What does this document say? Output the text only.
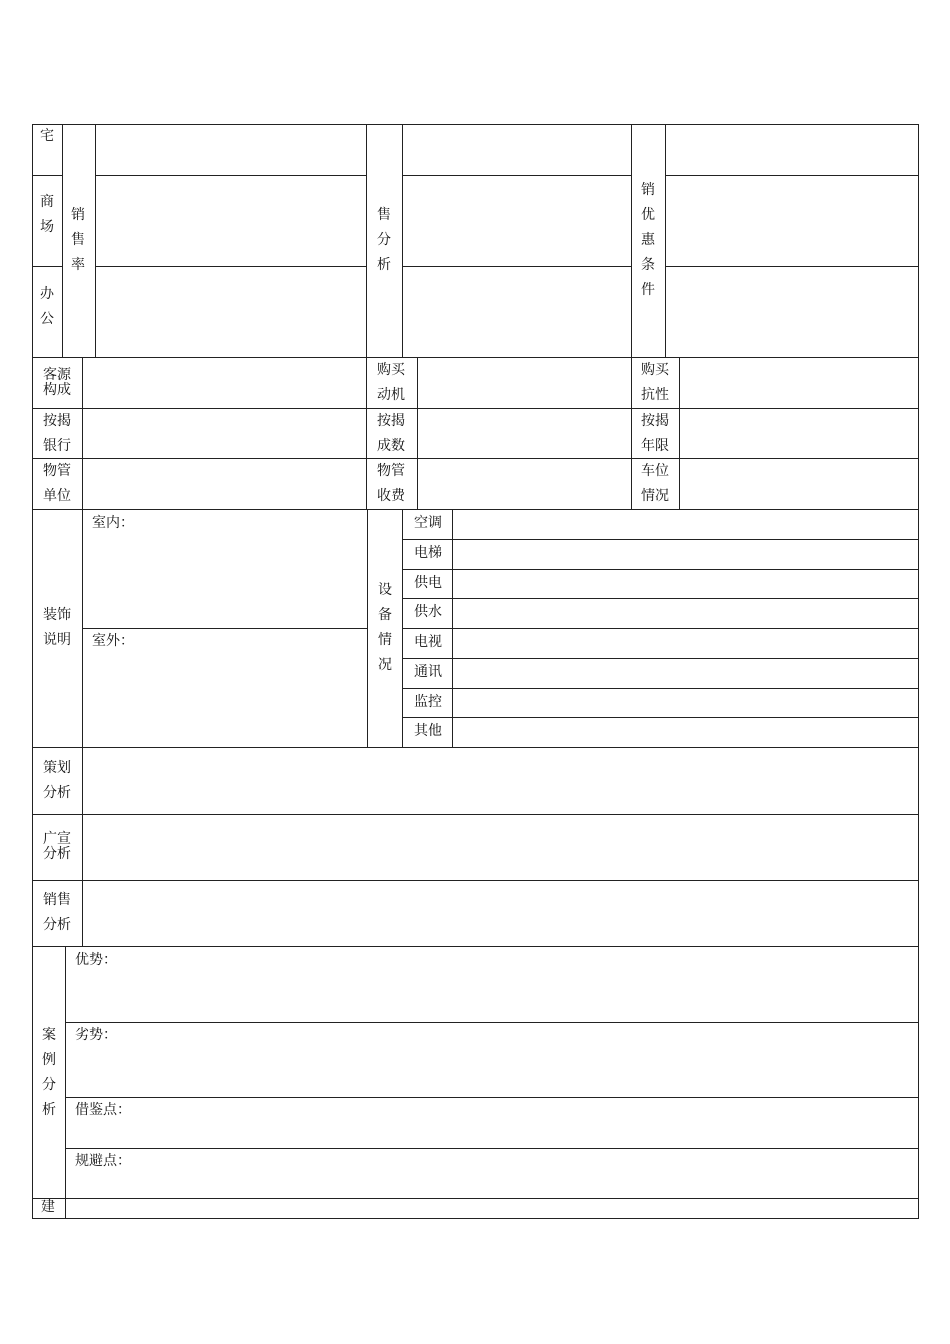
宅
商场
办公
销售率
售分析
销优惠条件
客源构成
购买动机
购买抗性
按揭银行
按揭成数
按揭年限
物管单位
物管收费
车位情况
装饰说明
室内：
室外：
设备情况
空调
电梯
供电
供水
电视
通讯
监控
其他
策划分析
广宣分析
销售分析
案例分析
优势：
劣势：
借鉴点：
规避点：
建
